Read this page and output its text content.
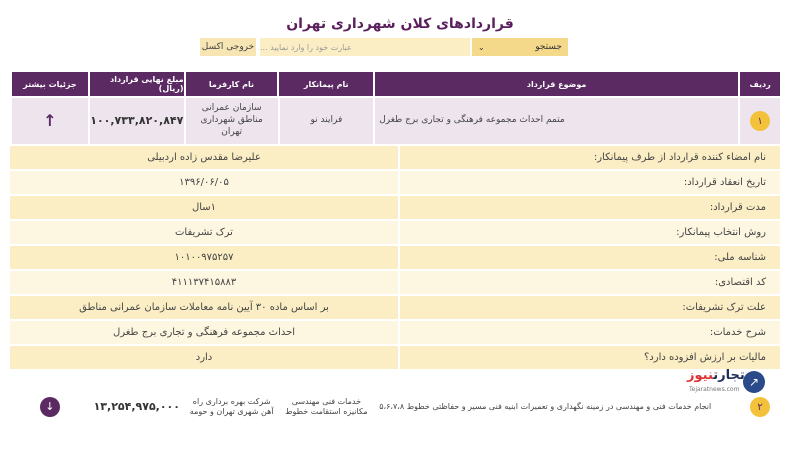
قراردادهای کلان شهرداری تهران
خروجی اکسل عبارت خود را وارد نمایید ...	⌄	جستجو
ردیف
موضوع قرارداد
نام پیمانکار
نام کارفرما
مبلغ نهایی قرارداد (ریال)
جزئیات بیشتر
۱
متمم احداث مجموعه فرهنگی و تجاری برج طغرل
فرایند نو
سازمان عمرانی مناطق شهرداری تهران
۱۰۰,۷۳۳,۸۲۰,۸۴۷
↑
نام امضاء کننده قرارداد از طرف پیمانکار:
علیرضا مقدس زاده اردبیلی
تاریخ انعقاد قرارداد:
۱۳۹۶/۰۶/۰۵
مدت قرارداد:
۱سال
روش انتخاب پیمانکار:
ترک تشریفات
شناسه ملی:
۱۰۱۰۰۹۷۵۲۵۷
کد اقتصادی:
۴۱۱۱۳۷۴۱۵۸۸۳
علت ترک تشریفات:
بر اساس ماده ۳۰ آیین نامه معاملات سازمان عمرانی مناطق
شرح خدمات:
احداث مجموعه فرهنگی و تجاری برج طغرل
مالیات بر ارزش افزوده دارد؟
دارد
۲
انجام خدمات فنی و مهندسی در زمینه نگهداری و تعمیرات ابنیه فنی مسیر و حفاظتی خطوط ۵،۶،۷،۸
خدمات فنی مهندسی مکانیزه استقامت خطوط
شرکت بهره برداری راه آهن شهری تهران و حومه
۱۳,۲۵۴,۹۷۵,۰۰۰
↓
تجارتنیوز
Tejaratnews.com
↗
